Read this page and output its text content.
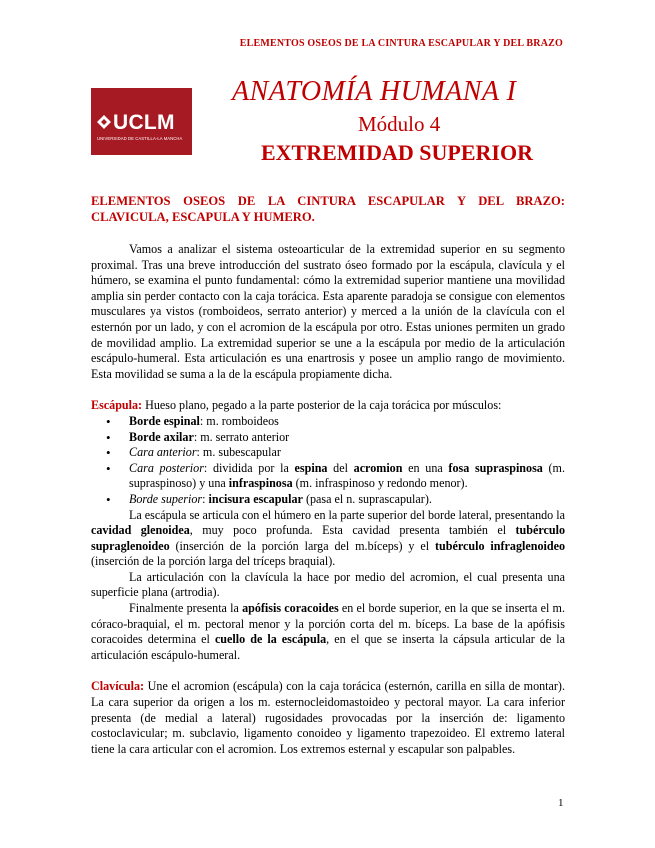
ELEMENTOS OSEOS DE LA CINTURA ESCAPULAR Y DEL BRAZO
UCLM
UNIVERSIDAD DE CASTILLA-LA MANCHA
ANATOMÍA HUMANA I
Módulo 4
EXTREMIDAD SUPERIOR
ELEMENTOS OSEOS DE LA CINTURA ESCAPULAR Y DEL BRAZO: CLAVICULA, ESCAPULA Y HUMERO.

Vamos a analizar el sistema osteoarticular de la extremidad superior en su segmento proximal. Tras una breve introducción del sustrato óseo formado por la escápula, clavícula y el húmero, se examina el punto fundamental: cómo la extremidad superior mantiene una movilidad amplia sin perder contacto con la caja torácica. Esta aparente paradoja se consigue con elementos musculares ya vistos (romboideos, serrato anterior) y merced a la unión de la clavícula con el esternón por un lado, y con el acromion de la escápula por otro. Estas uniones permiten un grado de movilidad amplio. La extremidad superior se une a la escápula por medio de la articulación escápulo-humeral. Esta articulación es una enartrosis y posee un amplio rango de movimiento. Esta movilidad se suma a la de la escápula propiamente dicha.

Escápula: Hueso plano, pegado a la parte posterior de la caja torácica por músculos:

• Borde espinal: m. romboideos
• Borde axilar: m. serrato anterior
• Cara anterior: m. subescapular
• Cara posterior: dividida por la espina del acromion en una fosa supraspinosa (m. supraspinoso) y una infraspinosa (m. infraspinoso y redondo menor).
• Borde superior: incisura escapular (pasa el n. suprascapular).

La escápula se articula con el húmero en la parte superior del borde lateral, presentando la cavidad glenoidea, muy poco profunda. Esta cavidad presenta también el tubérculo supraglenoideo (inserción de la porción larga del m.bíceps) y el tubérculo infraglenoideo (inserción de la porción larga del tríceps braquial).

La articulación con la clavícula la hace por medio del acromion, el cual presenta una superficie plana (artrodia).

Finalmente presenta la apófisis coracoides en el borde superior, en la que se inserta el m. córaco-braquial, el m. pectoral menor y la porción corta del m. bíceps. La base de la apófisis coracoides determina el cuello de la escápula, en el que se inserta la cápsula articular de la articulación escápulo-humeral.

Clavícula: Une el acromion (escápula) con la caja torácica (esternón, carilla en silla de montar). La cara superior da origen a los m. esternocleidomastoideo y pectoral mayor. La cara inferior presenta (de medial a lateral) rugosidades provocadas por la inserción de: ligamento costoclavicular; m. subclavio, ligamento conoideo y ligamento trapezoideo. El extremo lateral tiene la cara articular con el acromion. Los extremos esternal y escapular son palpables.

1
